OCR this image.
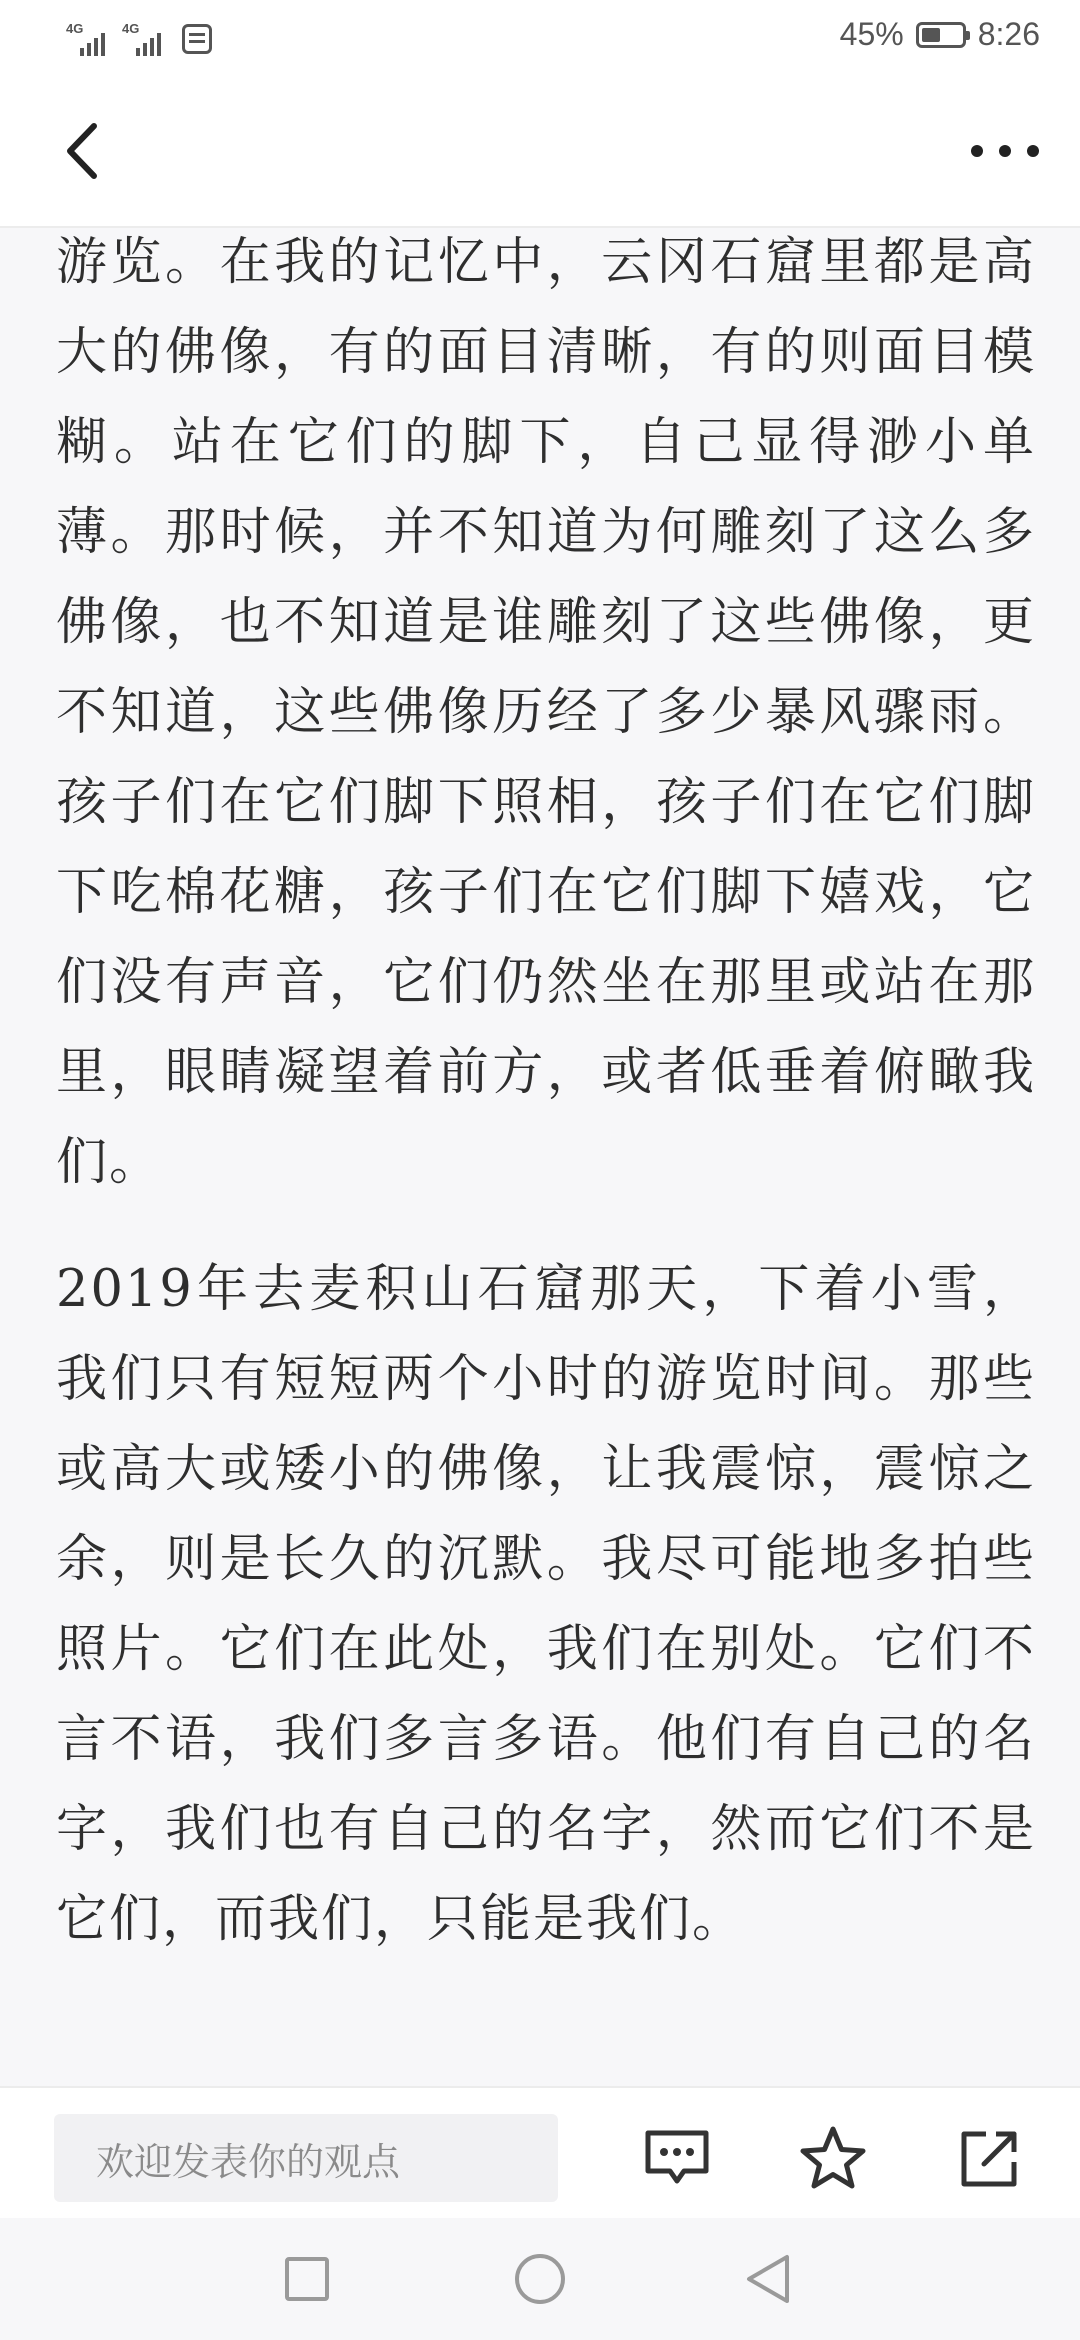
4G	4G	45% 8:26

游览。在我的记忆中，云冈石窟里都是高大的佛像，有的面目清晰，有的则面目模糊。站在它们的脚下，自己显得渺小单薄。那时候，并不知道为何雕刻了这么多佛像，也不知道是谁雕刻了这些佛像，更不知道，这些佛像历经了多少暴风骤雨。孩子们在它们脚下照相，孩子们在它们脚下吃棉花糖，孩子们在它们脚下嬉戏，它们没有声音，它们仍然坐在那里或站在那里，眼睛凝望着前方，或者低垂着俯瞰我们。

2019年去麦积山石窟那天，下着小雪，我们只有短短两个小时的游览时间。那些或高大或矮小的佛像，让我震惊，震惊之余，则是长久的沉默。我尽可能地多拍些照片。它们在此处，我们在别处。它们不言不语，我们多言多语。他们有自己的名字，我们也有自己的名字，然而它们不是它们，而我们，只能是我们。

欢迎发表你的观点
